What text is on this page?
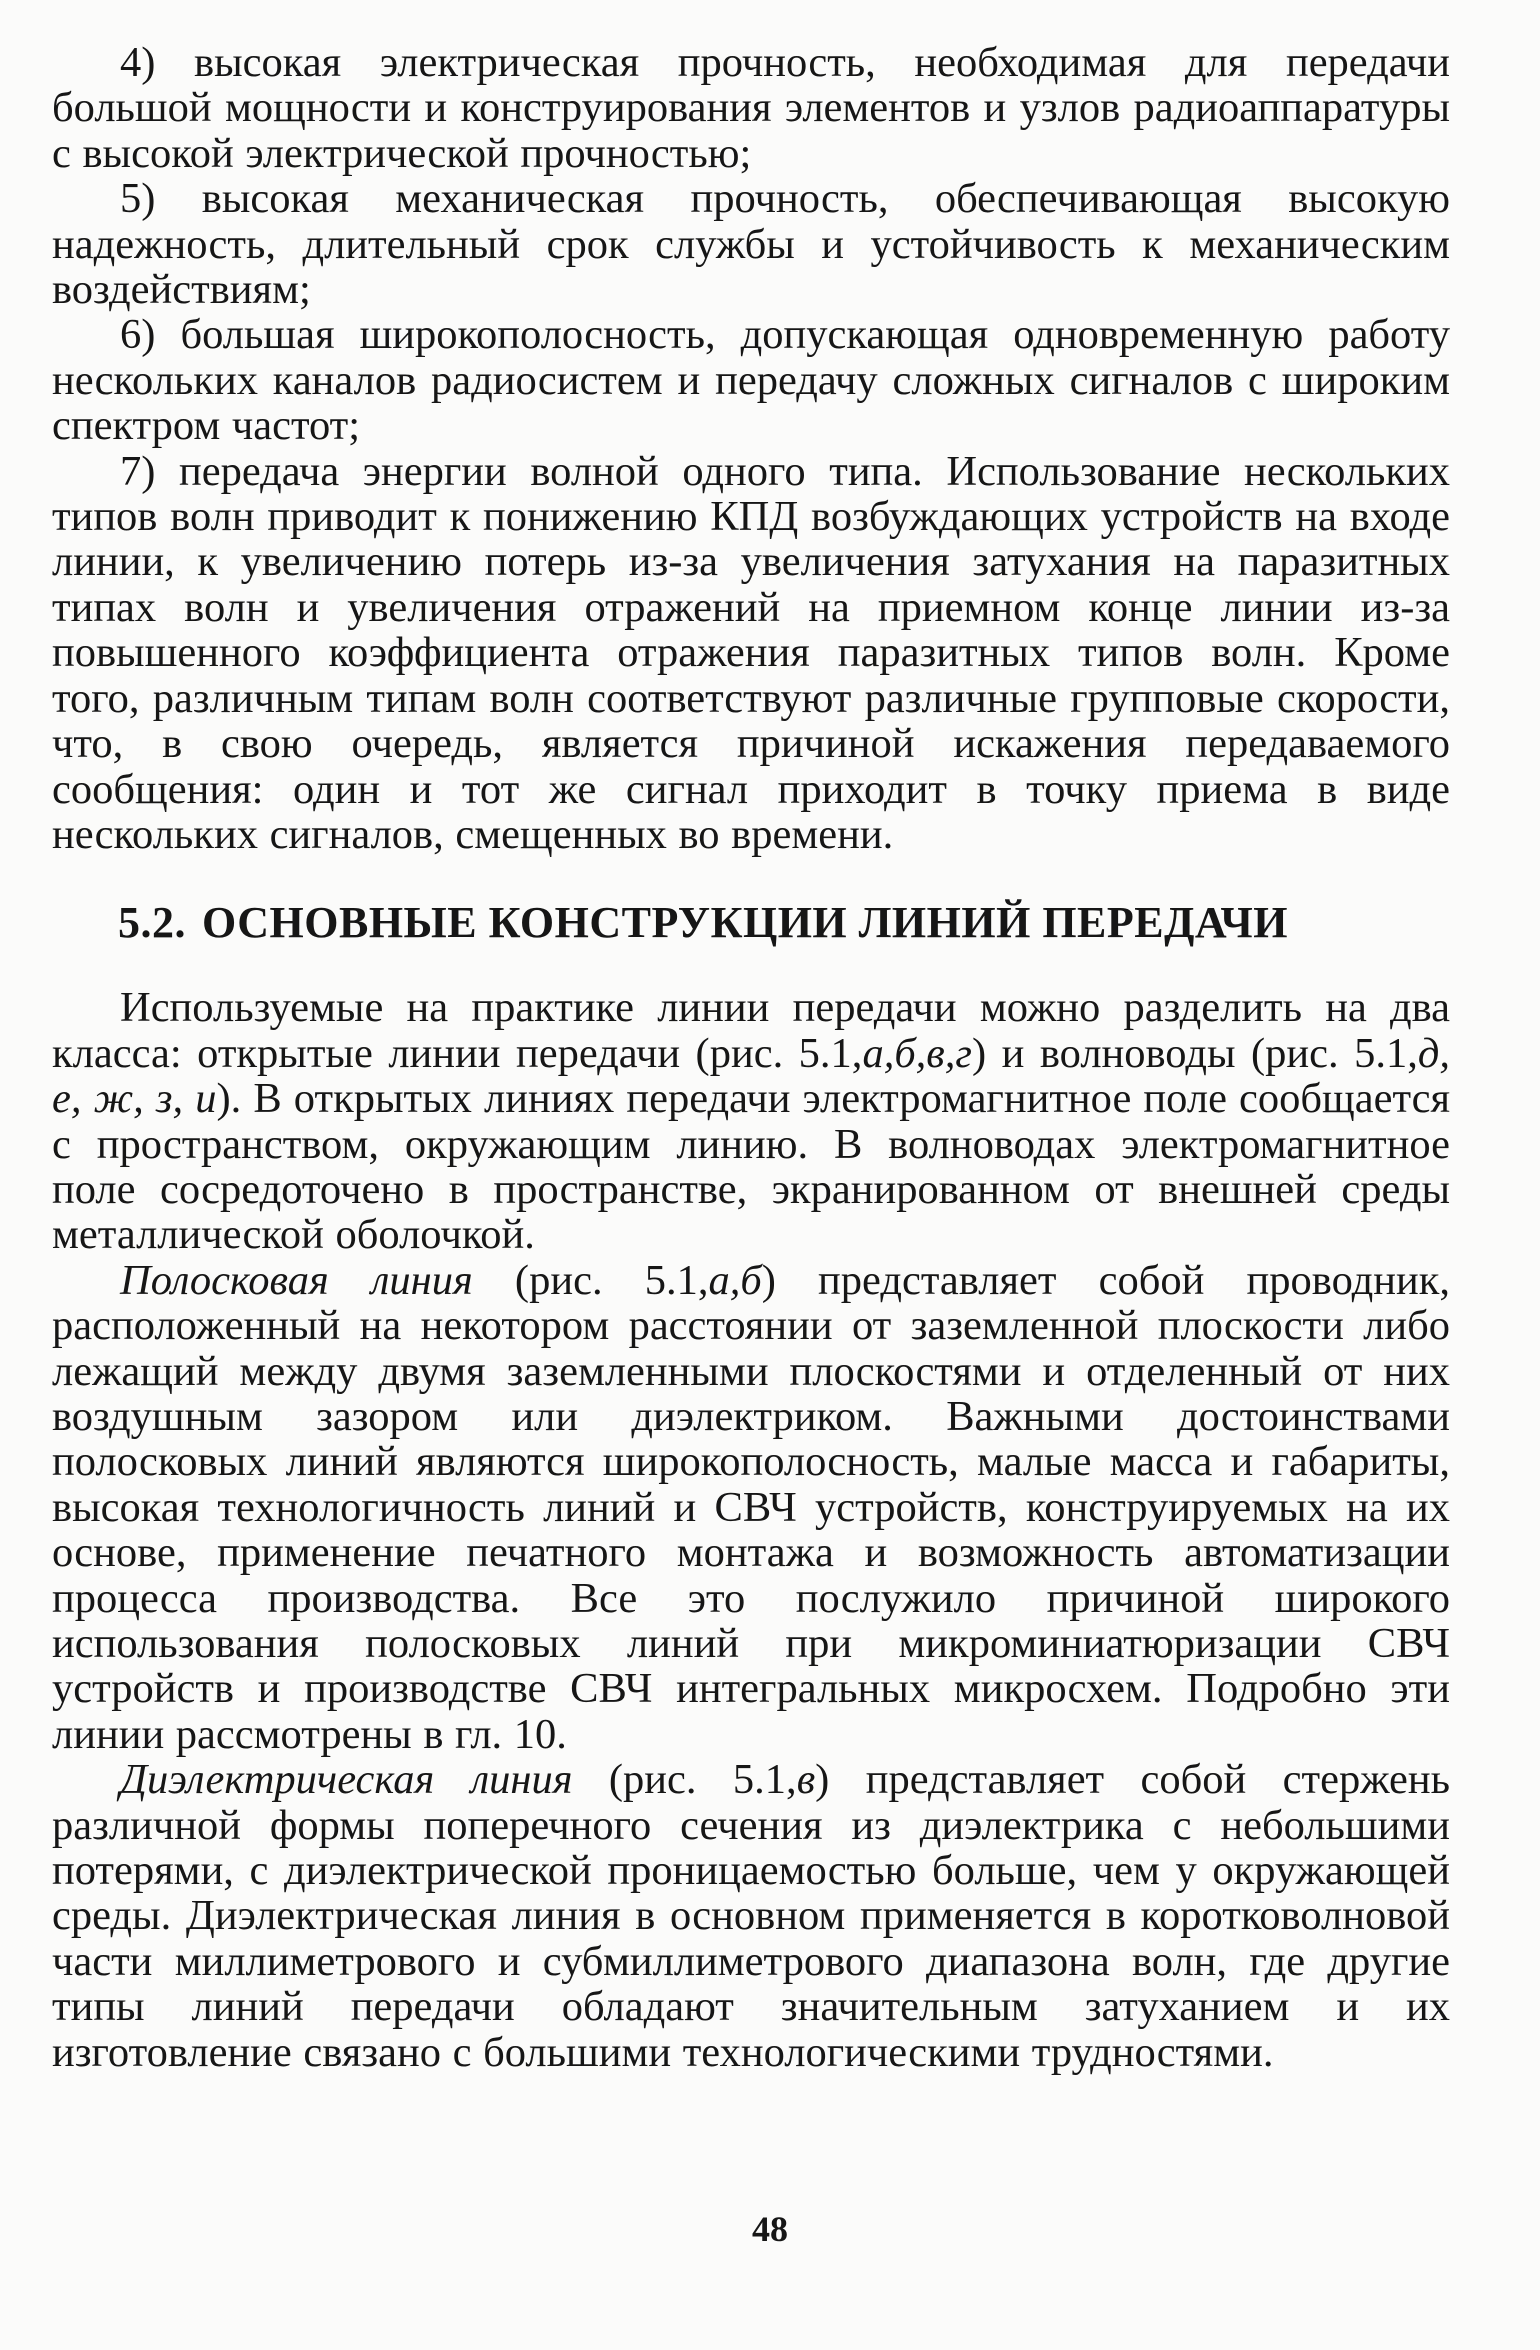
4) высокая электрическая прочность, необходимая для передачи большой мощности и конструирования элементов и узлов радиоаппаратуры с высокой электрической прочностью;

5) высокая механическая прочность, обеспечивающая высокую надежность, длительный срок службы и устойчивость к механическим воздействиям;

6) большая широкополосность, допускающая одновременную работу нескольких каналов радиосистем и передачу сложных сигналов с широким спектром частот;

7) передача энергии волной одного типа. Использование нескольких типов волн приводит к понижению КПД возбуждающих устройств на входе линии, к увеличению потерь из-за увеличения затухания на паразитных типах волн и увеличения отражений на приемном конце линии из-за повышенного коэффициента отражения паразитных типов волн. Кроме того, различным типам волн соответствуют различные групповые скорости, что, в свою очередь, является причиной искажения передаваемого сообщения: один и тот же сигнал приходит в точку приема в виде нескольких сигналов, смещенных во времени.

5.2. ОСНОВНЫЕ КОНСТРУКЦИИ ЛИНИЙ ПЕРЕДАЧИ

Используемые на практике линии передачи можно разделить на два класса: открытые линии передачи (рис. 5.1,а,б,в,г) и волноводы (рис. 5.1,д, е, ж, з, и). В открытых линиях передачи электромагнитное поле сообщается с пространством, окружающим линию. В волноводах электромагнитное поле сосредоточено в пространстве, экранированном от внешней среды металлической оболочкой.

Полосковая линия (рис. 5.1,а,б) представляет собой проводник, расположенный на некотором расстоянии от заземленной плоскости либо лежащий между двумя заземленными плоскостями и отделенный от них воздушным зазором или диэлектриком. Важными достоинствами полосковых линий являются широкополосность, малые масса и габариты, высокая технологичность линий и СВЧ устройств, конструируемых на их основе, применение печатного монтажа и возможность автоматизации процесса производства. Все это послужило причиной широкого использования полосковых линий при микроминиатюризации СВЧ устройств и производстве СВЧ интегральных микросхем. Подробно эти линии рассмотрены в гл. 10.

Диэлектрическая линия (рис. 5.1,в) представляет собой стержень различной формы поперечного сечения из диэлектрика с небольшими потерями, с диэлектрической проницаемостью больше, чем у окружающей среды. Диэлектрическая линия в основном применяется в коротковолновой части миллиметрового и субмиллиметрового диапазона волн, где другие типы линий передачи обладают значительным затуханием и их изготовление связано с большими технологическими трудностями.

48
